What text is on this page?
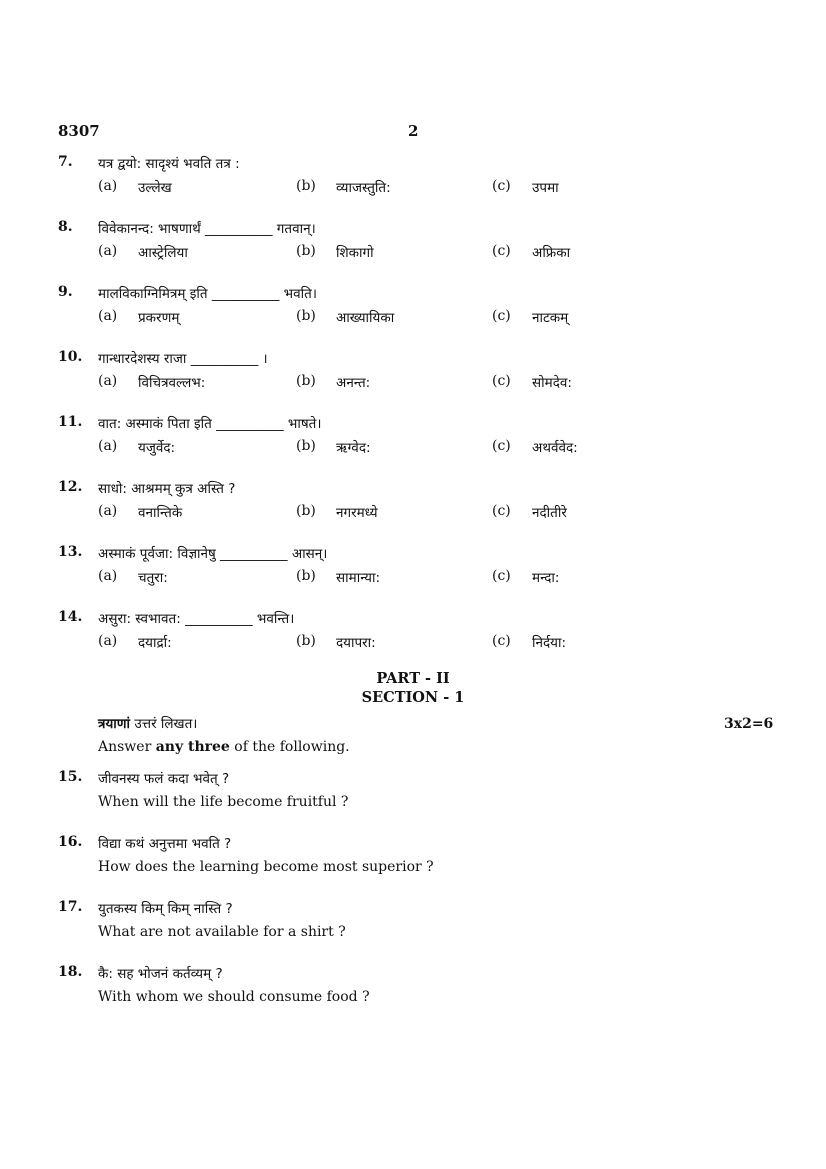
8307	2
7. यत्र द्वयो: सादृश्यं भवति तत्र :
(a) उल्लेख	(b) व्याजस्तुति:	(c) उपमा
8. विवेकानन्द: भाषणार्थं __________ गतवान्।
(a) आस्ट्रेलिया	(b) शिकागो	(c) अफ्रिका
9. मालविकाग्निमित्रम् इति __________ भवति।
(a) प्रकरणम्	(b) आख्यायिका	(c) नाटकम्
10. गान्धारदेशस्य राजा __________ ।
(a) विचित्रवल्लभ:	(b) अनन्त:	(c) सोमदेव:
11. वात: अस्माकं पिता इति __________ भाषते।
(a) यजुर्वेद:	(b) ऋग्वेद:	(c) अथर्ववेद:
12. साधो: आश्रमम् कुत्र अस्ति ?
(a) वनान्तिके	(b) नगरमध्ये	(c) नदीतीरे
13. अस्माकं पूर्वजा: विज्ञानेषु __________ आसन्।
(a) चतुरा:	(b) सामान्या:	(c) मन्दा:
14. असुरा: स्वभावत: __________ भवन्ति।
(a) दयार्द्रा:	(b) दयापरा:	(c) निर्दया:
PART - II
SECTION - 1
त्रयाणां उत्तरं लिखत।	3x2=6
Answer any three of the following.
15. जीवनस्य फलं कदा भवेत् ?
When will the life become fruitful ?
16. विद्या कथं अनुत्तमा भवति ?
How does the learning become most superior ?
17. युतकस्य किम् किम् नास्ति ?
What are not available for a shirt ?
18. कै: सह भोजनं कर्तव्यम् ?
With whom we should consume food ?
